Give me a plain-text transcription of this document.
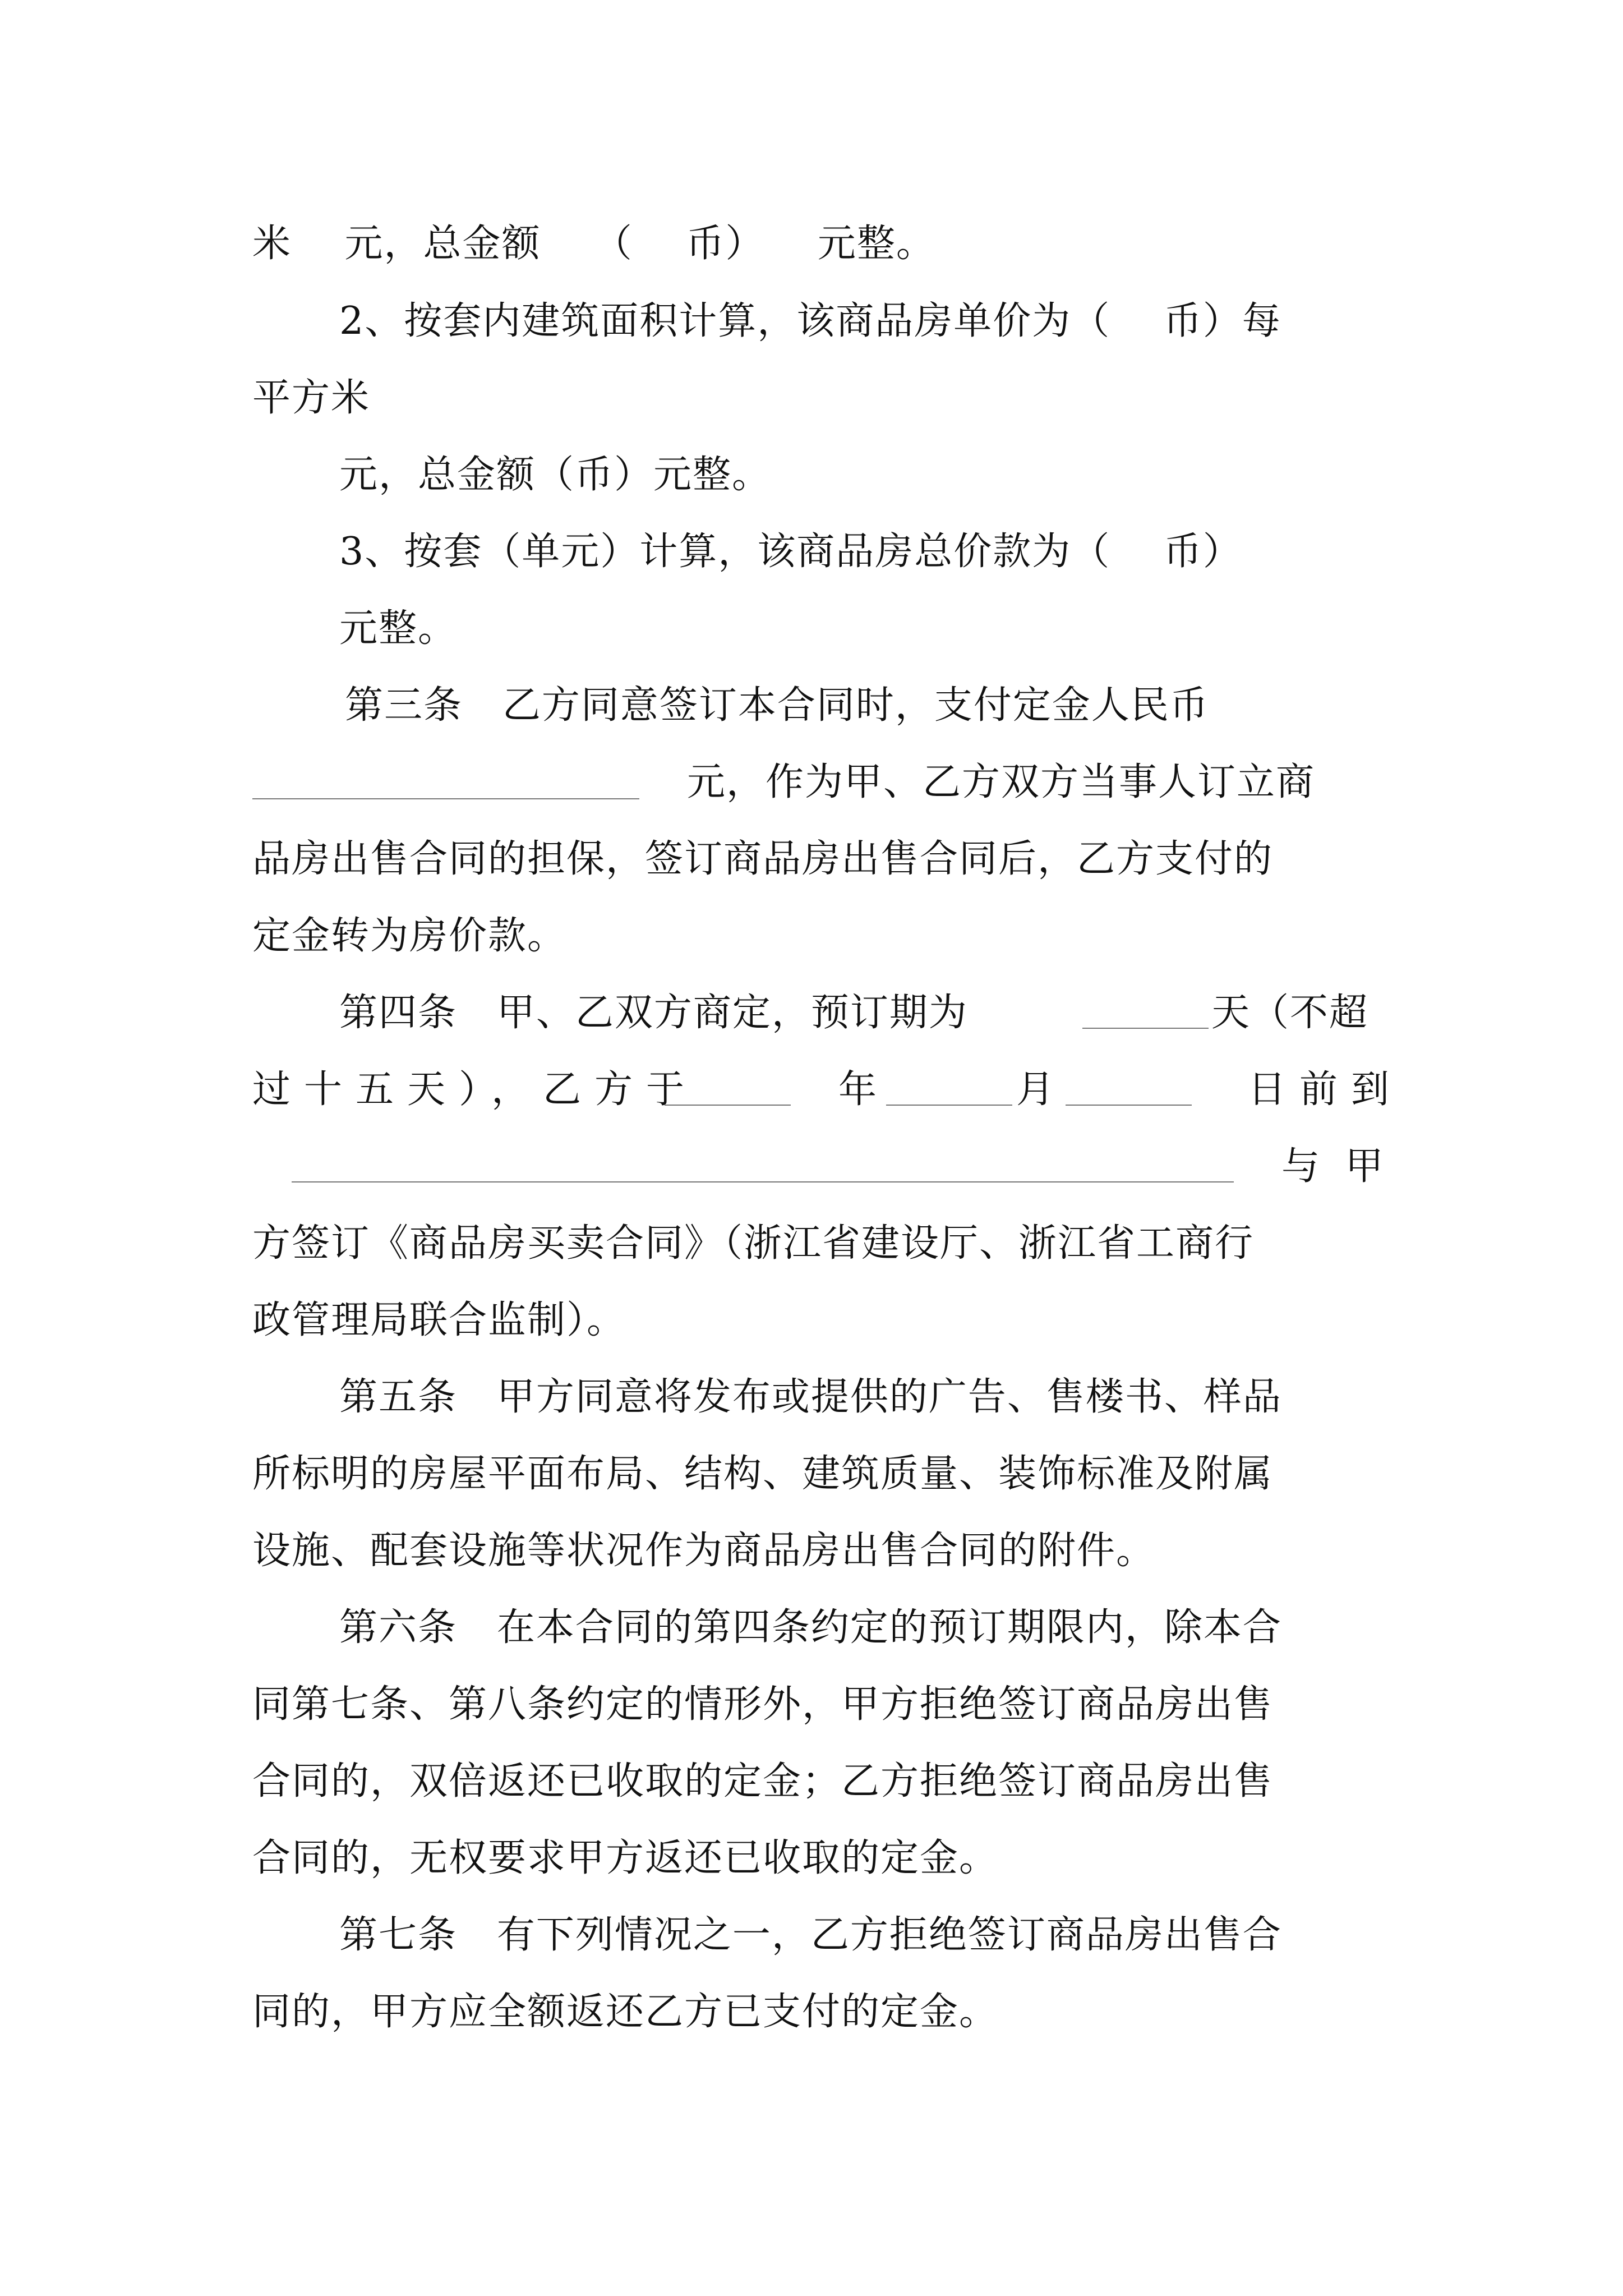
米    元，总金额    （    币）    元整。
2、按套内建筑面积计算，该商品房单价为（    币）每
平方米
元，总金额（币）元整。
3、按套（单元）计算，该商品房总价款为（    币）
元整。
第三条   乙方同意签订本合同时，支付定金人民币
元，作为甲、乙方双方当事人订立商
品房出售合同的担保，签订商品房出售合同后，乙方支付的
定金转为房价款。
第四条   甲、乙双方商定，预订期为	天（不超
过十五天），乙方于	年	月	日前到
与 甲
方签订《商品房买卖合同》（浙江省建设厅、浙江省工商行
政管理局联合监制）。
第五条   甲方同意将发布或提供的广告、售楼书、样品
所标明的房屋平面布局、结构、建筑质量、装饰标准及附属
设施、配套设施等状况作为商品房出售合同的附件。
第六条   在本合同的第四条约定的预订期限内，除本合
同第七条、第八条约定的情形外，甲方拒绝签订商品房出售
合同的，双倍返还已收取的定金；乙方拒绝签订商品房出售
合同的，无权要求甲方返还已收取的定金。
第七条   有下列情况之一，乙方拒绝签订商品房出售合
同的，甲方应全额返还乙方已支付的定金。
